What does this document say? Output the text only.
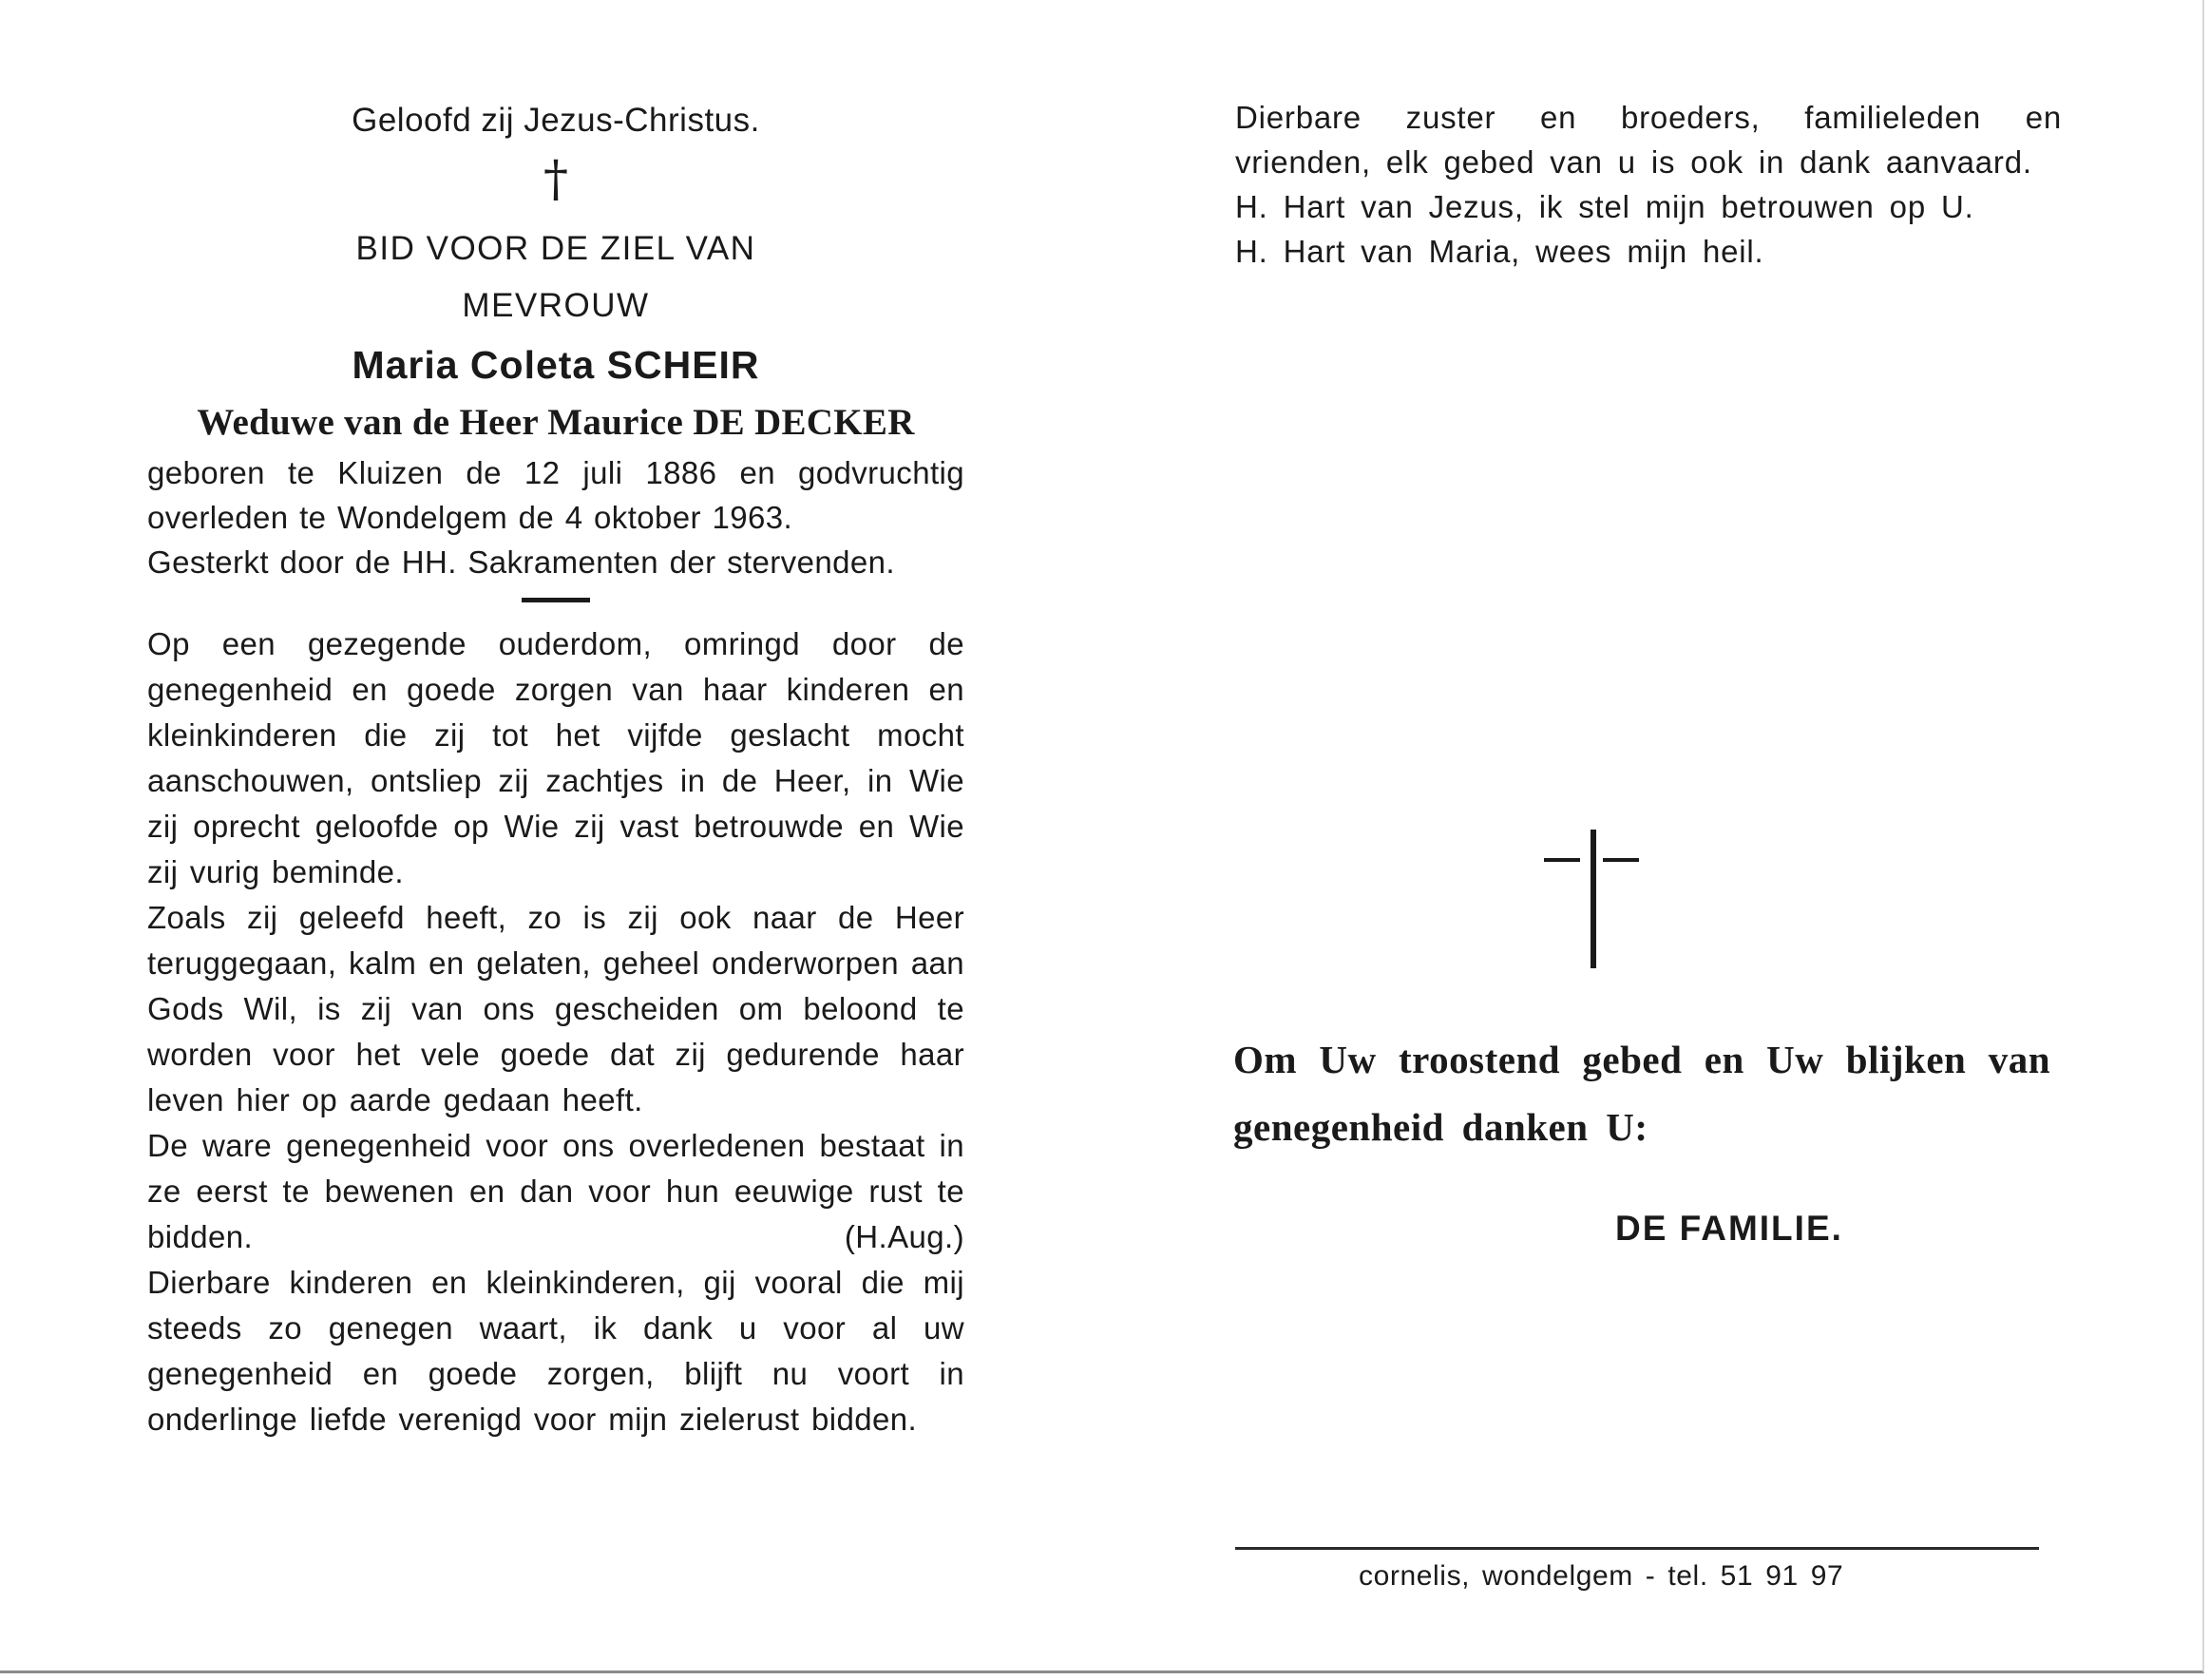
Geloofd zij Jezus-Christus.
†
BID VOOR DE ZIEL VAN
MEVROUW
Maria Coleta SCHEIR
Weduwe van de Heer Maurice DE DECKER
geboren te Kluizen de 12 juli 1886 en godvruchtig
overleden te Wondelgem de 4 oktober 1963.
Gesterkt door de HH. Sakramenten der stervenden.
Op een gezegende ouderdom, omringd door de genegenheid en goede zorgen van haar kinderen en kleinkinderen die zij tot het vijfde geslacht mocht aanschouwen, ontsliep zij zachtjes in de Heer, in Wie zij oprecht geloofde op Wie zij vast betrouwde en Wie zij vurig beminde.
Zoals zij geleefd heeft, zo is zij ook naar de Heer teruggegaan, kalm en gelaten, geheel onderworpen aan Gods Wil, is zij van ons gescheiden om beloond te worden voor het vele goede dat zij gedurende haar leven hier op aarde gedaan heeft.
De ware genegenheid voor ons overledenen bestaat in ze eerst te bewenen en dan voor hun eeuwige rust te bidden.	(H.Aug.)
Dierbare kinderen en kleinkinderen, gij vooral die mij steeds zo genegen waart, ik dank u voor al uw genegenheid en goede zorgen, blijft nu voort in onderlinge liefde verenigd voor mijn zielerust bidden.
Dierbare zuster en broeders, familieleden en vrienden, elk gebed van u is ook in dank aanvaard.
H. Hart van Jezus, ik stel mijn betrouwen op U.
H. Hart van Maria, wees mijn heil.
Om Uw troostend gebed en Uw blijken van genegenheid danken U:
DE FAMILIE.
cornelis, wondelgem - tel. 51 91 97
